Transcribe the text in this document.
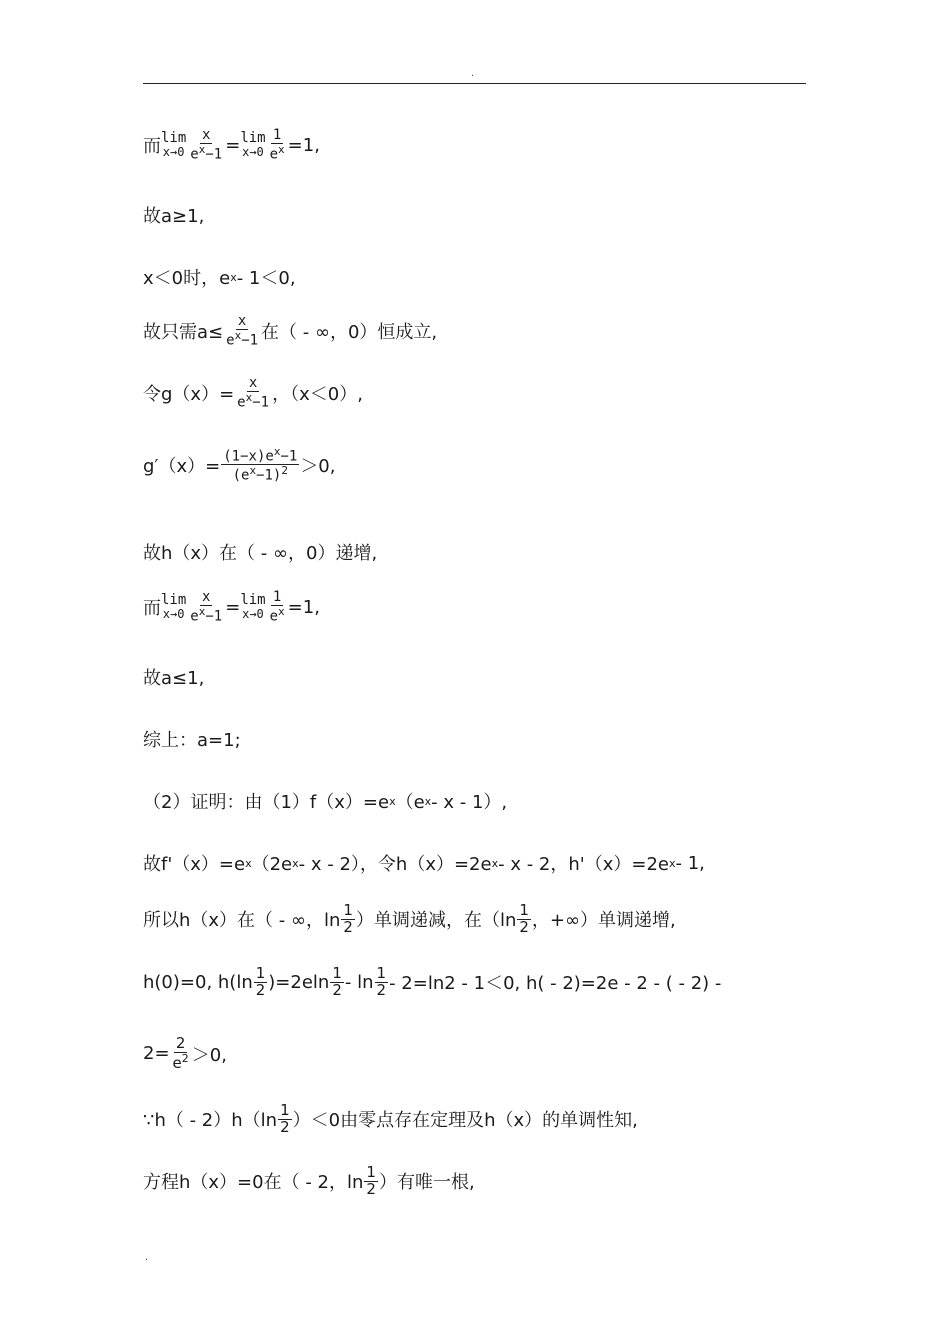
.
而 lim
$x\to 0 \frac{x}{e^x-1} = \lim$
$x\to 0 \frac{1}{e^x} =1$,
故a≥1,
x＜0时，e x - 1＜0,
故只需$a\le \frac{x}{e^x-1}$ 在（ - ∞，0）恒成立,
令$g(x)= \frac{x}{e^x-1}$ ，（x＜0）,
$g'(x)= \frac{(1-x)e^x-1}{(e^x-1)^2} >0$,
故h（x）在（ - ∞，0）递增,
而 lim
$x\to 0 \frac{x}{e^x-1} = \lim$
$x\to 0 \frac{1}{e^x} =1$,
故a≤1,
综上：a=1;
（2）证明：由（1）f（x）=e x （e x - x - 1）,
故f'（x）=e x （2e x - x - 2），令h（x）=2e x - x - 2，h'（x）=2e x - 1,
所以h（x）在（ - ∞，$\ln \frac{1}{2}$ ）单调递减，在（$\ln \frac{1}{2}$ ，+∞）单调递增,
h(0)=0, $h(\ln \frac{1}{2} )=2eln \frac{1}{2} - \ln \frac{1}{2} - 2=\ln 2 - 1<0$, h( - 2)=2e - 2 - ( - 2) -
$2= \frac{2}{e^2} >0$,
∵h（ - $2)h(\ln \frac{1}{2} )<0$由零点存在定理及h（x）的单调性知,
方程h（x）=0在（ - 2，$\ln \frac{1}{2}$ ）有唯一根,
.
